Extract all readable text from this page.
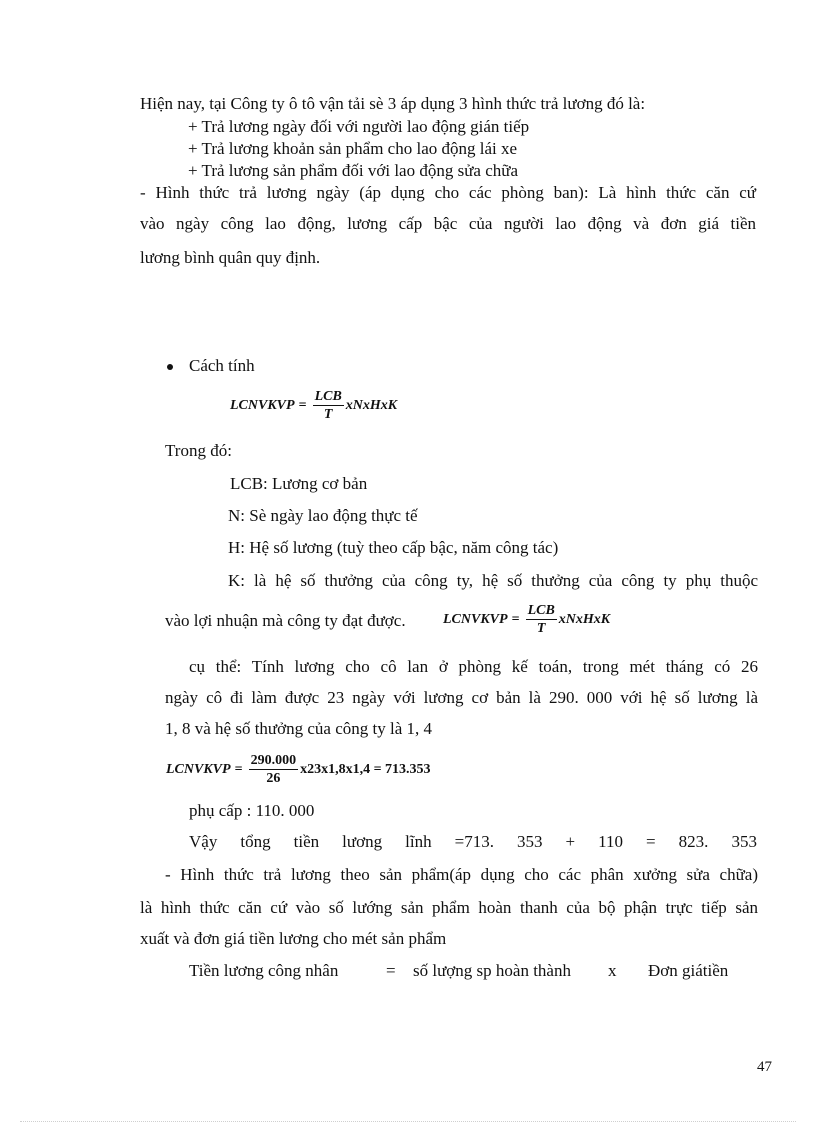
Hiện nay, tại Công ty ô tô vận tải sè 3 áp dụng 3 hình thức trả lương đó là:
+ Trả lương ngày đối với người lao động gián tiếp
+ Trả lương khoản sản phẩm cho lao động lái xe
+ Trả lương sản phẩm đối với lao động sửa chữa
- Hình thức trả lương ngày (áp dụng cho các phòng ban): Là hình thức căn cứ
vào ngày công lao động, lương cấp bậc của người lao động và đơn giá tiền
lương bình quân quy định.
Cách tính
LCNVKVP = $\frac{\text{LCB}}{T}$ xNxHxK
Trong đó:
LCB: Lương cơ bản
N: Sè ngày lao động thực tế
H: Hệ số lương (tuỳ theo cấp bậc, năm công tác)
K: là hệ số thưởng của công ty, hệ số thưởng của công ty phụ thuộc
vào lợi nhuận mà công ty đạt được.	LCNVKVP = $\frac{\text{LCB}}{T}$ xNxHxK
cụ thể: Tính lương cho cô lan ở phòng kế toán, trong mét tháng có 26
ngày cô đi làm được 23 ngày với lương cơ bản là 290. 000 với hệ số lương là
1, 8 và hệ số thưởng của công ty là 1, 4
LCNVKVP = $\frac{290.000}{26} x23x1,8x1,4 = 713.353$
phụ cấp : 110. 000
Vậy tổng tiền lương lĩnh =713. 353 + 110 = 823. 353
- Hình thức trả lương theo sản phẩm(áp dụng cho các phân xưởng sửa chữa)
là hình thức căn cứ vào số lướng sản phẩm hoàn thanh của bộ phận trực tiếp sản
xuất và đơn giá tiền lương cho mét sản phẩm
Tiền lương công nhân	= số lượng sp hoàn thành x Đơn giátiền
47
